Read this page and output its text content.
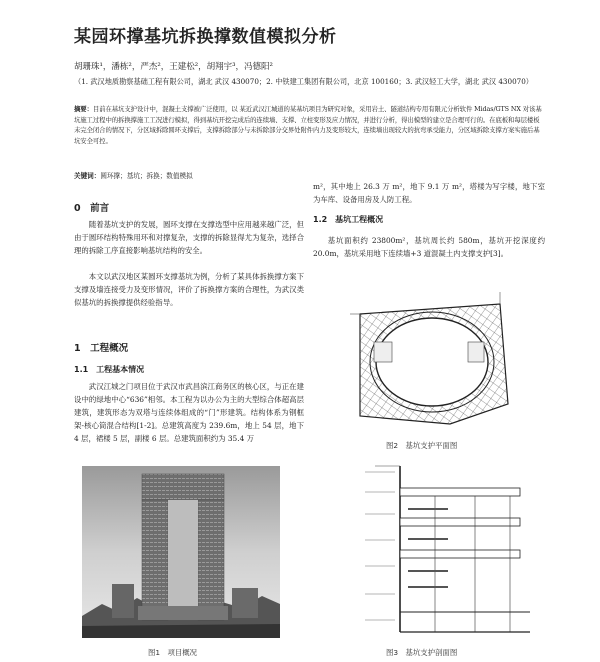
某园环撑基坑拆换撑数值模拟分析
胡珊珠¹，潘栋²，严杰²，王建松²，胡翔宇³，冯德阳²
（1. 武汉地质勘察基础工程有限公司，湖北 武汉 430070；2. 中铁建工集团有限公司，北京 100160；3. 武汉轻工大学，湖北 武汉 430070）
摘要：目前在基坑支护设计中，混凝土支撑被广泛使用，以 ​​​​某近武汉江城道的某基坑项目为研究对象，采用岩土、隧道结构专用有限元分析软件 Midas/GTS NX 对该基坑施工过程中的拆换撑施工工况进行模拟，得到基坑开挖完成后的连续墙、支撑、立柱变形及应力情况，并进行分析，得出模型的建立是合理可行的。在底板和每层楼板未完全闭合的情况下，分区域拆除圆环支撑后，支撑拆除部分与未拆除部分交界处附件内力及变形较大，连续墙出现较大的抗弯承受能力，分区域拆除支撑方案实施后基坑安全可控。
关键词：圆环撑；基坑；拆换；数值模拟
0　前言

随着基坑支护的发展，圆环支撑在支撑选型中应用越来越广泛，但由于圆环结构特殊用环和对撑复杂，支撑的拆除显得尤为复杂，选择合理的拆除工序直接影响基坑结构的安全。

本文以武汉地区某圆环支撑基坑为例，分析了某具体拆换撑方案下支撑及墙连接受力及变形情况，评价了拆换撑方案的合理性，为武汉类似基坑的拆换撑提供经验指导。

1　工程概况
1.1　工程基本情况

武汉江城之门项目位于武汉市武昌滨江商务区的核心区，与正在建设中的绿地中心“636”相邻。本工程为以办公为主的大型综合体超高层建筑，建筑形态为双塔与连续体组成的“门”形建筑。结构体系为钢框架-核心筒混合结构[1-2]。总建筑高度为 239.6m，地上 54 层，地下 4 层，裙楼 5 层，副楼 6 层。总建筑面积约为 35.4 万

图1　项目概况

m²，其中地上 26.3 万 m²，地下 9.1 万 m²，塔楼为写字楼，地下室为车库、设备用房及人防工程。

1.2　基坑工程概况

基坑面积约 23800m²，基坑周长约 580m，基坑开挖深度约 20.0m，基坑采用地下连续墙+3 道混凝土内支撑支护[3]。

图2　基坑支护平面图
图3　基坑支护剖面图
